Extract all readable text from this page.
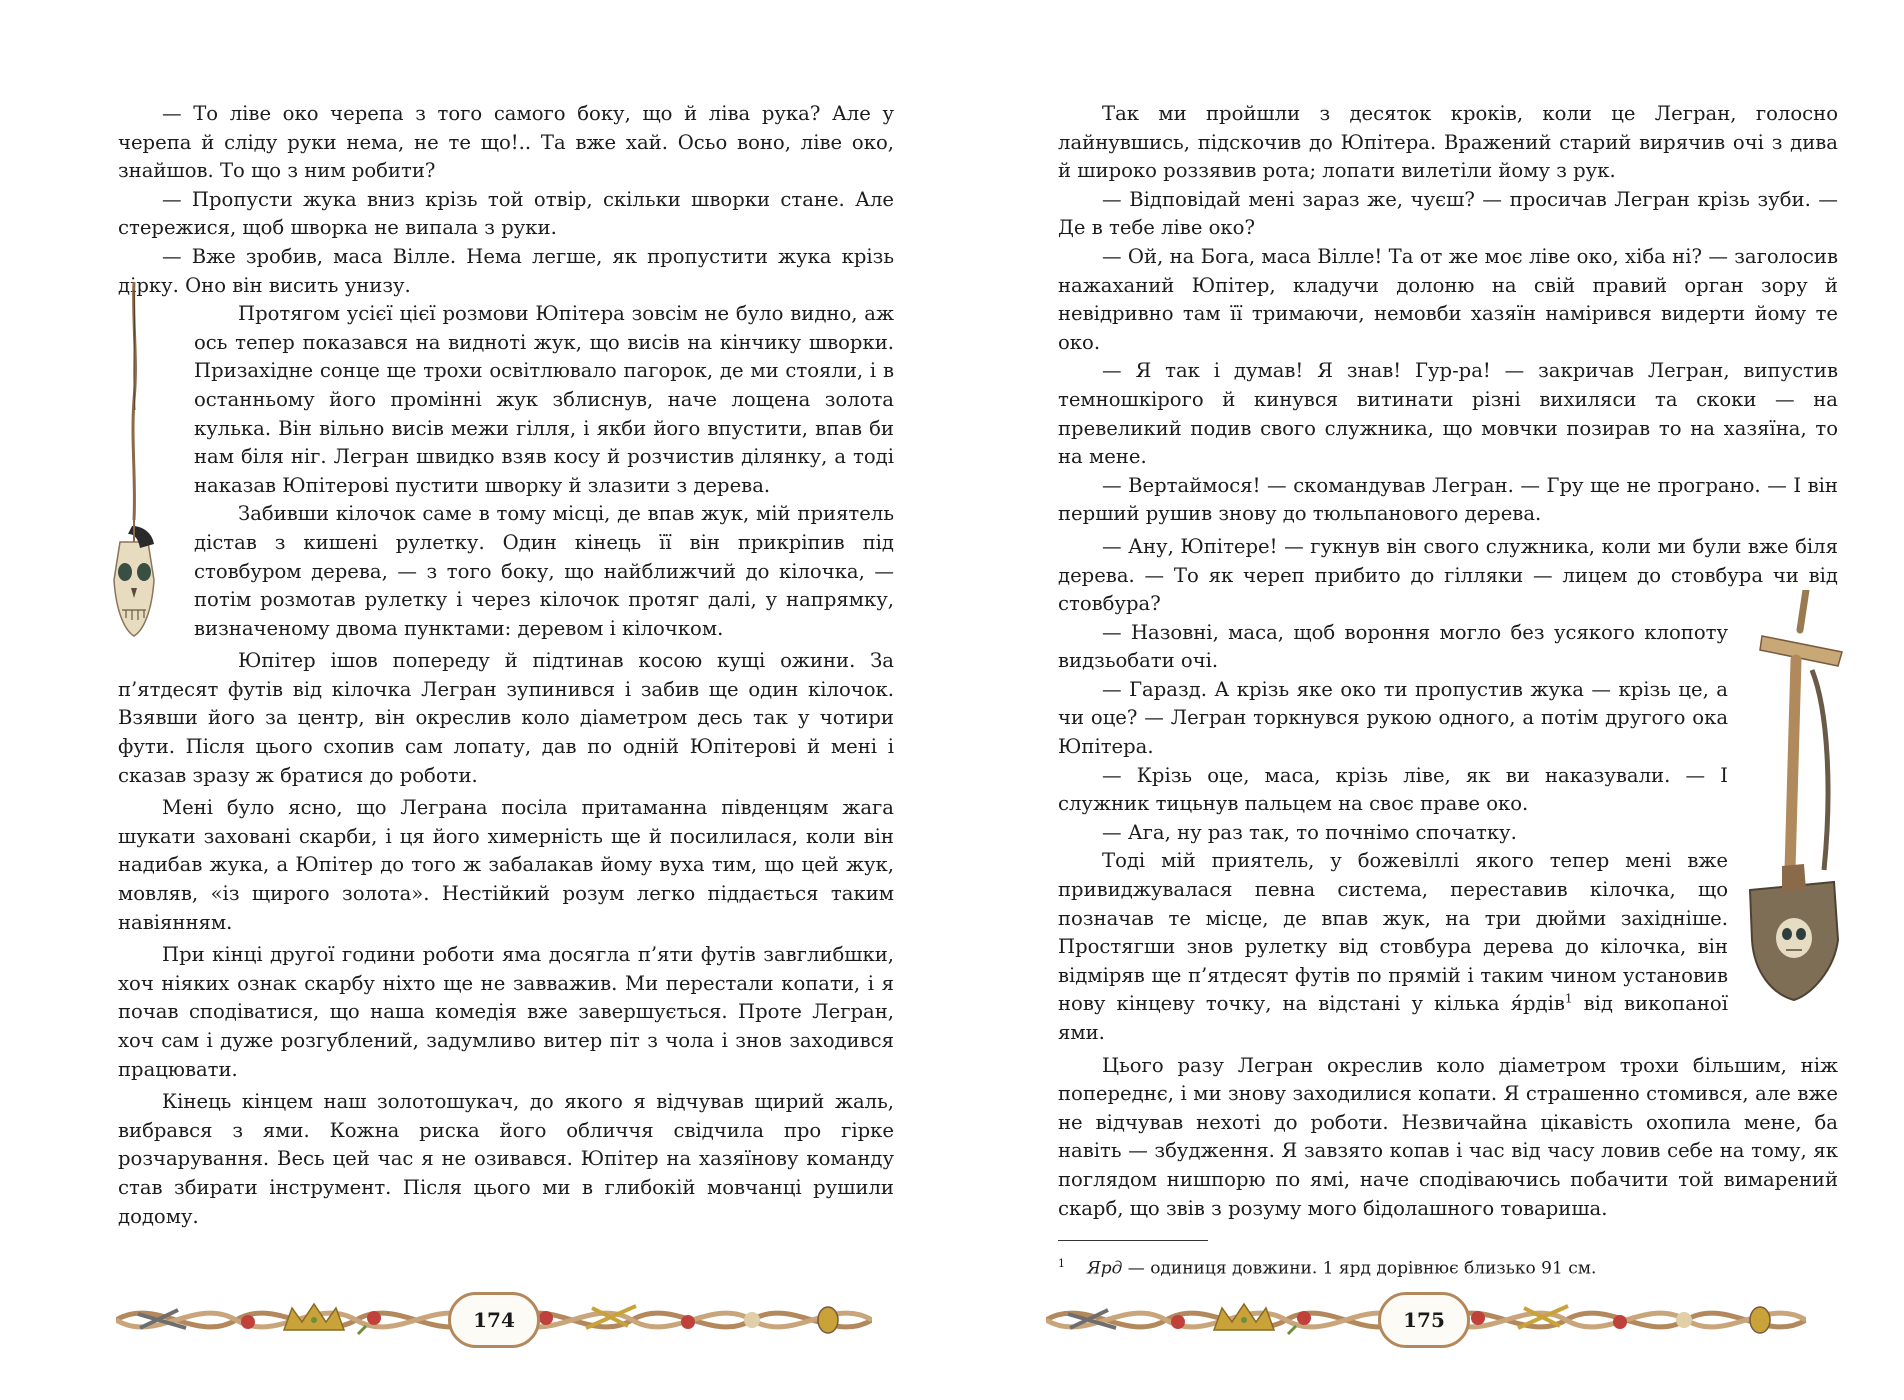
— То ліве око черепа з того самого боку, що й ліва рука? Але у черепа й сліду руки нема, не те що!.. Та вже хай. Осьо воно, ліве око, знайшов. То що з ним робити?

— Пропусти жука вниз крізь той отвір, скільки шворки стане. Але стережися, щоб шворка не випала з руки.

— Вже зробив, маса Вілле. Нема легше, як пропустити жука крізь дірку. Оно він висить унизу.

Протягом усієї цієї розмови Юпітера зовсім не було видно, аж ось тепер показався на видноті жук, що висів на кінчику шворки. Призахідне сонце ще трохи освітлювало пагорок, де ми стояли, і в останньому його промінні жук зблиснув, наче лощена золота кулька. Він вільно висів межи гілля, і якби його впустити, впав би нам біля ніг. Легран швидко взяв косу й розчистив ділянку, а тоді наказав Юпітерові пустити шворку й злазити з дерева.

Забивши кілочок саме в тому місці, де впав жук, мій приятель дістав з кишені рулетку. Один кінець її він прикріпив під стовбуром дерева, — з того боку, що найближчий до кілочка, — потім розмотав рулетку і через кілочок протяг далі, у напрямку, визначеному двома пунктами: деревом і кілочком.

Юпітер ішов попереду й підтинав косою кущі ожини. За п’ятдесят футів від кілочка Легран зупинився і забив ще один кілочок. Взявши його за центр, він окреслив коло діаметром десь так у чотири фути. Після цього схопив сам лопату, дав по одній Юпітерові й мені і сказав зразу ж братися до роботи.

Мені було ясно, що Леграна посіла притаманна південцям жага шукати заховані скарби, і ця його химерність ще й посилилася, коли він надибав жука, а Юпітер до того ж забалакав йому вуха тим, що цей жук, мовляв, «із щирого золота». Нестійкий розум легко піддається таким навіянням.

При кінці другої години роботи яма досягла п’яти футів завглибшки, хоч ніяких ознак скарбу ніхто ще не завважив. Ми перестали копати, і я почав сподіватися, що наша комедія вже завершується. Проте Легран, хоч сам і дуже розгублений, задумливо витер піт з чола і знов заходився працювати.

Кінець кінцем наш золотошукач, до якого я відчував щирий жаль, вибрався з ями. Кожна риска його обличчя свідчила про гірке розчарування. Весь цей час я не озивався. Юпітер на хазяїнову команду став збирати інструмент. Після цього ми в глибокій мовчанці рушили додому.

174

Так ми пройшли з десяток кроків, коли це Легран, голосно лайнувшись, підскочив до Юпітера. Вражений старий вирячив очі з дива й широко роззявив рота; лопати вилетіли йому з рук.

— Відповідай мені зараз же, чуєш? — просичав Легран крізь зуби. —Де в тебе ліве око?

— Ой, на Бога, маса Вілле! Та от же моє ліве око, хіба ні? — заголосив нажаханий Юпітер, кладучи долоню на свій правий орган зору й невідривно там її тримаючи, немовби хазяїн намірився видерти йому те око.

— Я так і думав! Я знав! Гур-ра! — закричав Легран, випустив темношкірого й кинувся витинати різні вихиляси та скоки — на превеликий подив свого служника, що мовчки позирав то на хазяїна, то на мене.

— Вертаймося! — скомандував Легран. — Гру ще не програно. — І він перший рушив знову до тюльпанового дерева.

— Ану, Юпітере! — гукнув він свого служника, коли ми були вже біля дерева. — То як череп прибито до гілляки — лицем до стовбура чи від стовбура?

— Назовні, маса, щоб вороння могло без усякого клопоту видзьобати очі.

— Гаразд. А крізь яке око ти пропустив жука — крізь це, а чи оце? — Легран торкнувся рукою одного, а потім другого ока Юпітера.

— Крізь оце, маса, крізь ліве, як ви наказували. — І служник тицьнув пальцем на своє праве око.

— Ага, ну раз так, то почнімо спочатку.

Тоді мій приятель, у божевіллі якого тепер мені вже привиджувалася певна система, переставив кілочка, що позначав те місце, де впав жук, на три дюйми західніше. Простягши знов рулетку від стовбура дерева до кілочка, він відміряв ще п’ятдесят футів по прямій і таким чином установив нову кінцеву точку, на відстані у кілька я́рдів$^1$ від викопаної ями.

Цього разу Легран окреслив коло діаметром трохи більшим, ніж попереднє, і ми знову заходилися копати. Я страшенно стомився, але вже не відчував нехоті до роботи. Незвичайна цікавість охопила мене, ба навіть — збудження. Я завзято копав і час від часу ловив себе на тому, як поглядом нишпорю по ямі, наче сподіваючись побачити той вимарений скарб, що звів з розуму мого бідолашного товариша.

$^1$ Ярд — одиниця довжини. 1 ярд дорівнює близько 91 см.
175
